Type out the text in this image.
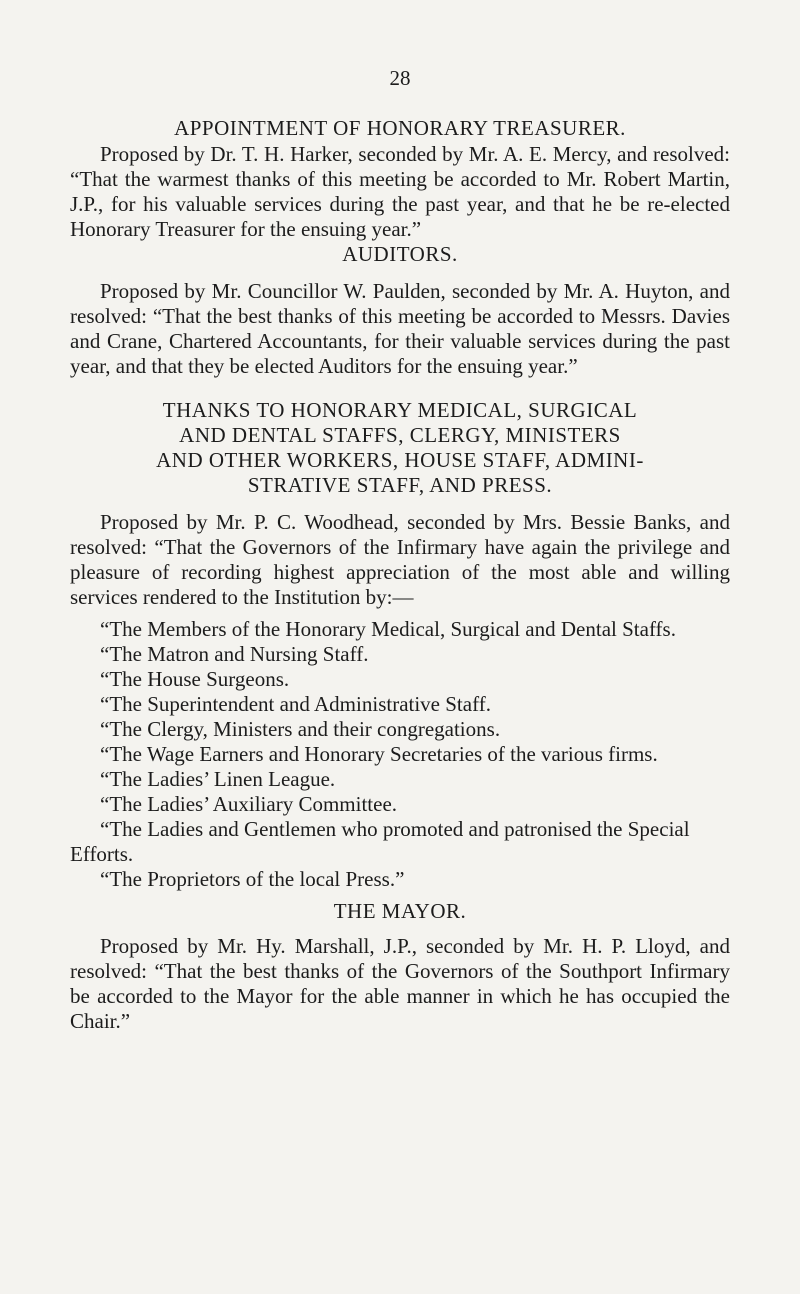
28
APPOINTMENT OF HONORARY TREASURER.

Proposed by Dr. T. H. Harker, seconded by Mr. A. E. Mercy, and resolved: “That the warmest thanks of this meeting be accorded to Mr. Robert Martin, J.P., for his valuable services during the past year, and that he be re-elected Honorary Treasurer for the ensuing year.”

AUDITORS.

Proposed by Mr. Councillor W. Paulden, seconded by Mr. A. Huyton, and resolved: “That the best thanks of this meeting be accorded to Messrs. Davies and Crane, Chartered Accountants, for their valuable services during the past year, and that they be elected Auditors for the ensuing year.”

THANKS TO HONORARY MEDICAL, SURGICAL
AND DENTAL STAFFS, CLERGY, MINISTERS
AND OTHER WORKERS, HOUSE STAFF, ADMINI-
STRATIVE STAFF, AND PRESS.

Proposed by Mr. P. C. Woodhead, seconded by Mrs. Bessie Banks, and resolved: “That the Governors of the Infirmary have again the privilege and pleasure of recording highest appreciation of the most able and willing services rendered to the Institution by:—

“The Members of the Honorary Medical, Surgical and Dental Staffs.

“The Matron and Nursing Staff.

“The House Surgeons.

“The Superintendent and Administrative Staff.

“The Clergy, Ministers and their congregations.

“The Wage Earners and Honorary Secretaries of the various firms.

“The Ladies’ Linen League.

“The Ladies’ Auxiliary Committee.

“The Ladies and Gentlemen who promoted and patronised the Special Efforts.

“The Proprietors of the local Press.”

THE MAYOR.

Proposed by Mr. Hy. Marshall, J.P., seconded by Mr. H. P. Lloyd, and resolved: “That the best thanks of the Governors of the Southport Infirmary be accorded to the Mayor for the able manner in which he has occupied the Chair.”
